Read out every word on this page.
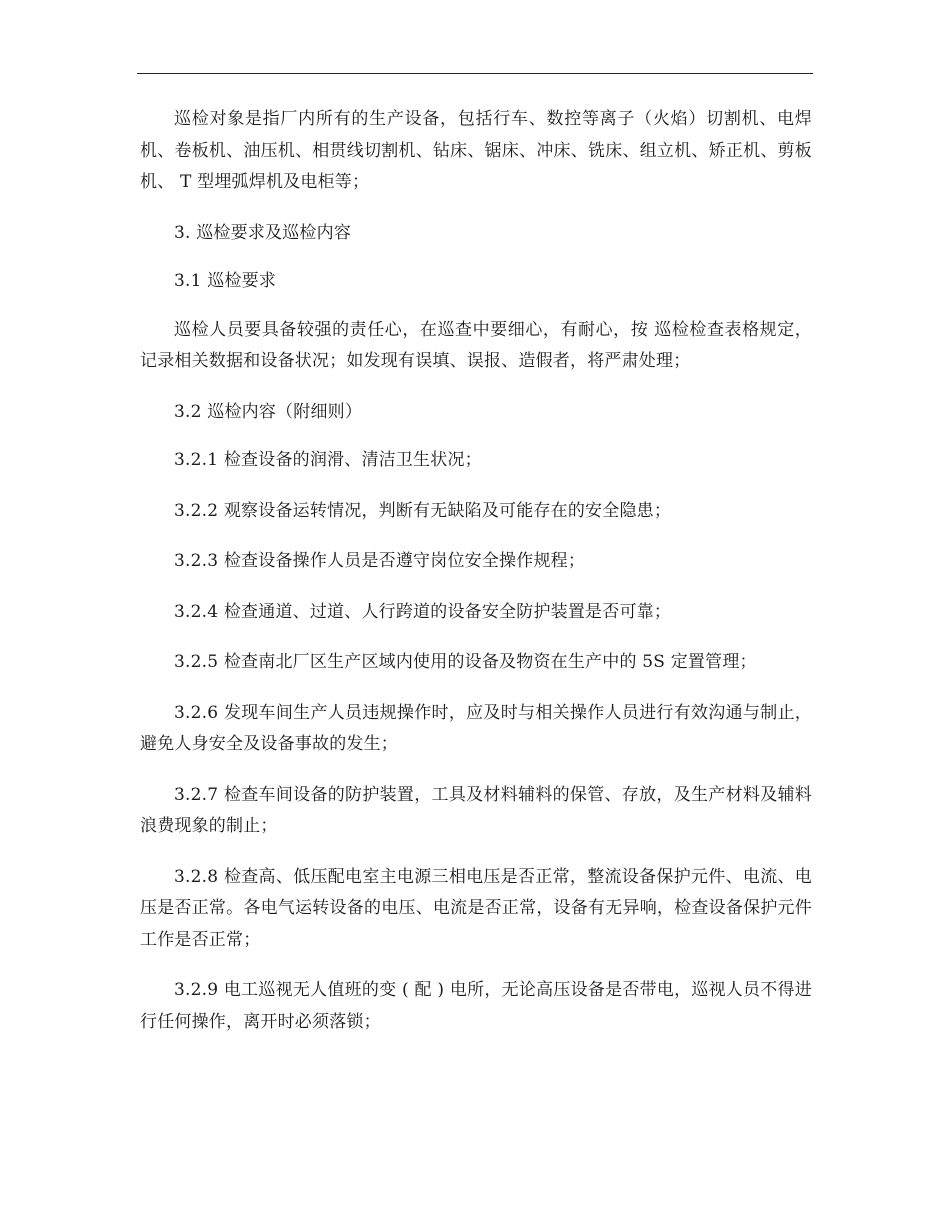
巡检对象是指厂内所有的生产设备，包括行车、数控等离子（火焰）切割机、电焊机、卷板机、油压机、相贯线切割机、钻床、锯床、冲床、铣床、组立机、矫正机、剪板机、 T 型埋弧焊机及电柜等；

3. 巡检要求及巡检内容

3.1 巡检要求

巡检人员要具备较强的责任心，在巡查中要细心，有耐心，按 巡检检查表格规定，记录相关数据和设备状况；如发现有误填、误报、造假者，将严肃处理；

3.2 巡检内容（附细则）

3.2.1 检查设备的润滑、清洁卫生状况；

3.2.2 观察设备运转情况，判断有无缺陷及可能存在的安全隐患；

3.2.3 检查设备操作人员是否遵守岗位安全操作规程；

3.2.4 检查通道、过道、人行跨道的设备安全防护装置是否可靠；

3.2.5 检查南北厂区生产区域内使用的设备及物资在生产中的 5S 定置管理；

3.2.6 发现车间生产人员违规操作时，应及时与相关操作人员进行有效沟通与制止，避免人身安全及设备事故的发生；

3.2.7 检查车间设备的防护装置，工具及材料辅料的保管、存放，及生产材料及辅料浪费现象的制止；

3.2.8 检查高、低压配电室主电源三相电压是否正常，整流设备保护元件、电流、电压是否正常。各电气运转设备的电压、电流是否正常，设备有无异响，检查设备保护元件工作是否正常；

3.2.9 电工巡视无人值班的变 ( 配 ) 电所，无论高压设备是否带电，巡视人员不得进行任何操作，离开时必须落锁；
